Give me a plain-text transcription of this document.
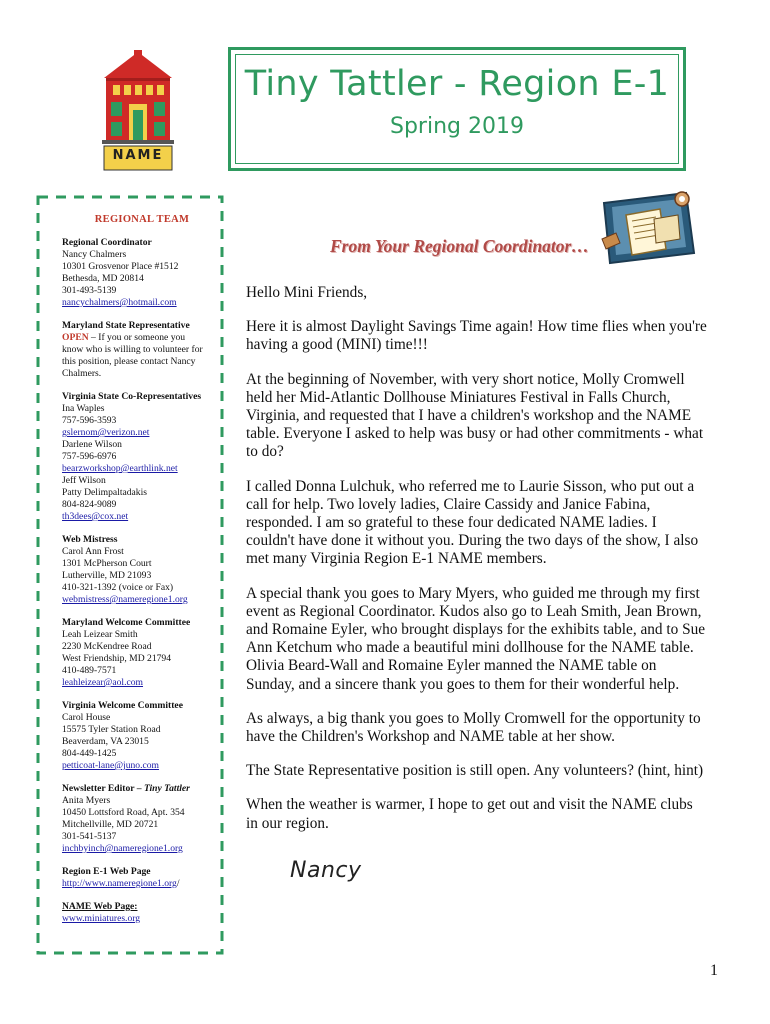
NAME
Tiny Tattler - Region E-1
Spring 2019
REGIONAL TEAM
Regional Coordinator
Nancy Chalmers
10301 Grosvenor Place #1512
Bethesda, MD 20814
301-493-5139
nancychalmers@hotmail.com
Maryland State Representative
OPEN – If you or someone you
know who is willing to volunteer for
this position, please contact Nancy
Chalmers.
Virginia State Co-Representatives
Ina Waples
757-596-3593
gslernom@verizon.net
Darlene Wilson
757-596-6976
bearzworkshop@earthlink.net
Jeff Wilson
Patty Delimpaltadakis
804-824-9089
th3dees@cox.net
Web Mistress
Carol Ann Frost
1301 McPherson Court
Lutherville, MD 21093
410-321-1392 (voice or Fax)
webmistress@nameregione1.org
Maryland Welcome Committee
Leah Leizear Smith
2230 McKendree Road
West Friendship, MD 21794
410-489-7571
leahleizear@aol.com
Virginia Welcome Committee
Carol House
15575 Tyler Station Road
Beaverdam, VA 23015
804-449-1425
petticoat-lane@juno.com
Newsletter Editor – Tiny Tattler
Anita Myers
10450 Lottsford Road, Apt. 354
Mitchellville, MD 20721
301-541-5137
inchbyinch@nameregione1.org
Region E-1 Web Page
http://www.nameregione1.org/
NAME Web Page:
www.miniatures.org
From Your Regional Coordinator…

Hello Mini Friends,

Here it is almost Daylight Savings Time again! How time flies when you're having a good (MINI) time!!!

At the beginning of November, with very short notice, Molly Cromwell held her Mid-Atlantic Dollhouse Miniatures Festival in Falls Church, Virginia, and requested that I have a children's workshop and the NAME table. Everyone I asked to help was busy or had other commitments - what to do?

I called Donna Lulchuk, who referred me to Laurie Sisson, who put out a call for help. Two lovely ladies, Claire Cassidy and Janice Fabina, responded. I am so grateful to these four dedicated NAME ladies. I couldn't have done it without you. During the two days of the show, I also met many Virginia Region E-1 NAME members.

A special thank you goes to Mary Myers, who guided me through my first event as Regional Coordinator. Kudos also go to Leah Smith, Jean Brown, and Romaine Eyler, who brought displays for the exhibits table, and to Sue Ann Ketchum who made a beautiful mini dollhouse for the NAME table. Olivia Beard-Wall and Romaine Eyler manned the NAME table on Sunday, and a sincere thank you goes to them for their wonderful help.

As always, a big thank you goes to Molly Cromwell for the opportunity to have the Children's Workshop and NAME table at her show.

The State Representative position is still open. Any volunteers? (hint, hint)

When the weather is warmer, I hope to get out and visit the NAME clubs in our region.

Nancy
1
